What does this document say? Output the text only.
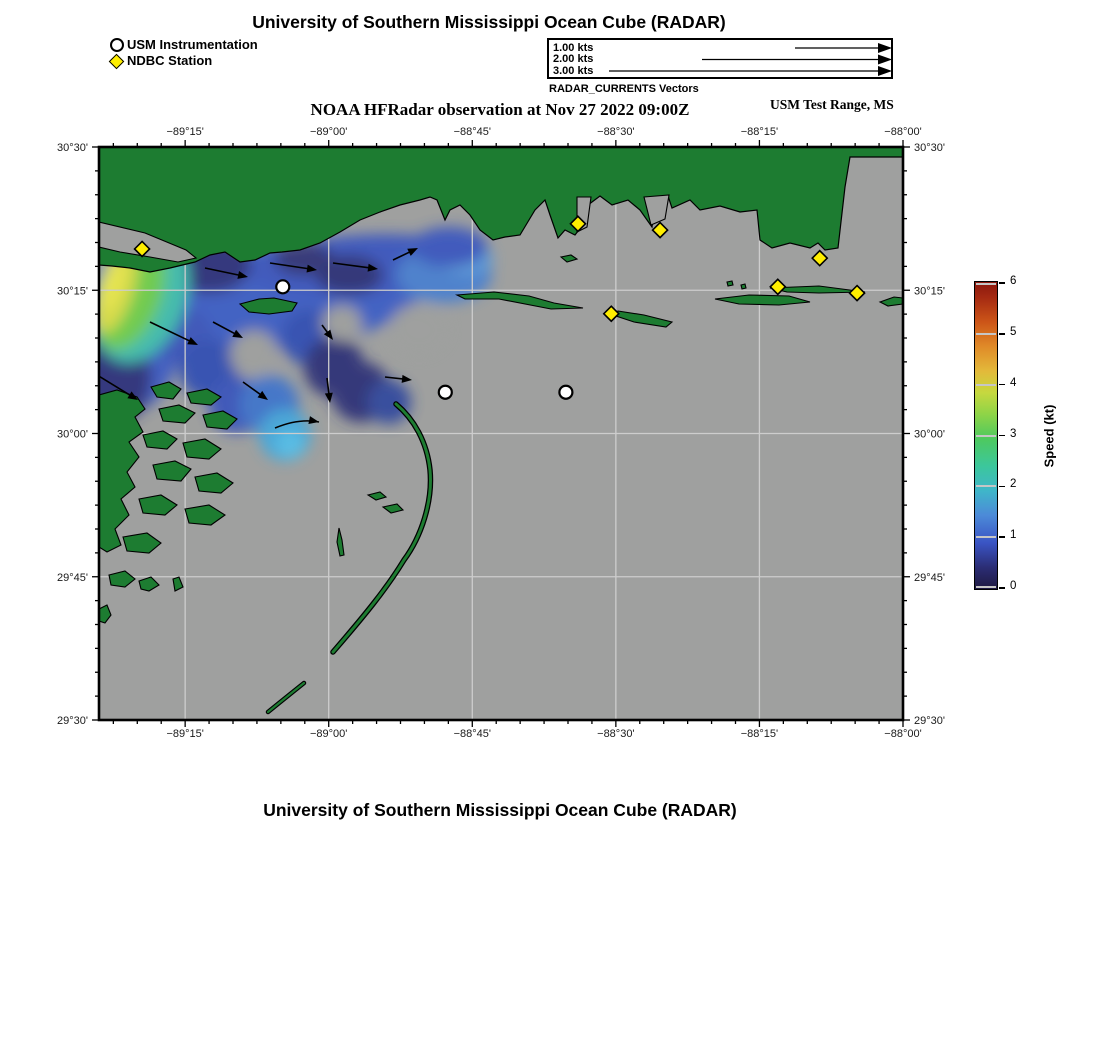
University of Southern Mississippi Ocean Cube (RADAR)
USM Instrumentation
NDBC Station
1.00 kts
2.00 kts
3.00 kts
RADAR_CURRENTS Vectors
NOAA HFRadar observation at Nov 27 2022 09:00Z	USM Test Range, MS
−89°15'
−89°15'
−89°00'
−89°00'
−88°45'
−88°45'
−88°30'
−88°30'
−88°15'
−88°15'
−88°00'
−88°00'
30°30'	30°30'
30°15'	30°15'
30°00'	30°00'
29°45'	29°45'
29°30'	29°30'
0
1
2
3
4
5
6
Speed (kt)
University of Southern Mississippi Ocean Cube (RADAR)
